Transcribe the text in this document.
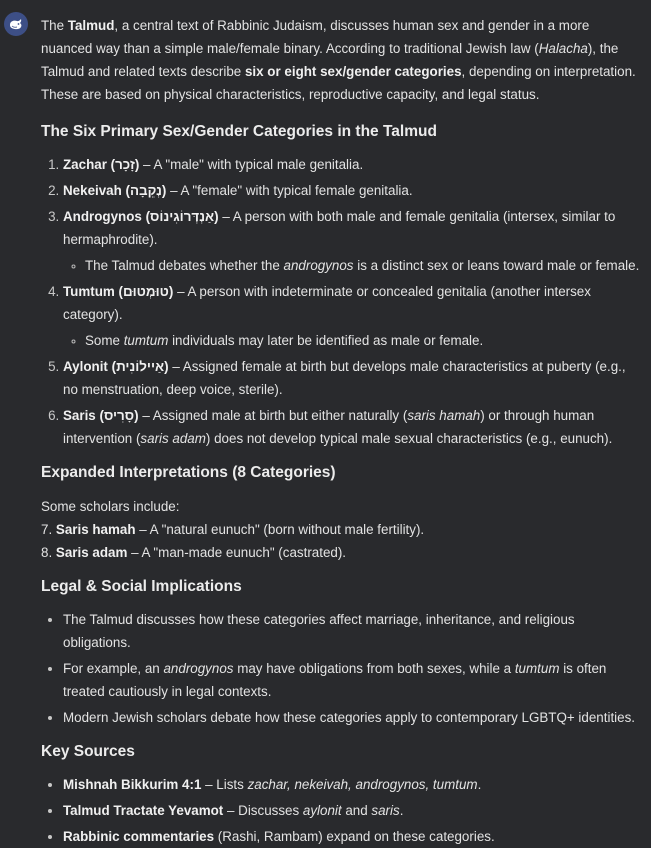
The Talmud, a central text of Rabbinic Judaism, discusses human sex and gender in a more nuanced way than a simple male/female binary. According to traditional Jewish law (Halacha), the Talmud and related texts describe six or eight sex/gender categories, depending on interpretation. These are based on physical characteristics, reproductive capacity, and legal status.

The Six Primary Sex/Gender Categories in the Talmud
1. Zachar (זָכָר) – A "male" with typical male genitalia.
2. Nekeivah (נְקֵבָה) – A "female" with typical female genitalia.
3. Androgynos (אַנְדְּרוֹגִינוֹס) – A person with both male and female genitalia (intersex, similar to hermaphrodite).
◦ The Talmud debates whether the androgynos is a distinct sex or leans toward male or female.
4. Tumtum (טוּמְטוּם) – A person with indeterminate or concealed genitalia (another intersex category).
◦ Some tumtum individuals may later be identified as male or female.
5. Aylonit (אַיילוֹנִית) – Assigned female at birth but develops male characteristics at puberty (e.g., no menstruation, deep voice, sterile).
6. Saris (סָרִיס) – Assigned male at birth but either naturally (saris hamah) or through human intervention (saris adam) does not develop typical male sexual characteristics (e.g., eunuch).
Expanded Interpretations (8 Categories)

Some scholars include:
7. Saris hamah – A "natural eunuch" (born without male fertility).
8. Saris adam – A "man-made eunuch" (castrated).

Legal & Social Implications
• The Talmud discusses how these categories affect marriage, inheritance, and religious obligations.
• For example, an androgynos may have obligations from both sexes, while a tumtum is often treated cautiously in legal contexts.
• Modern Jewish scholars debate how these categories apply to contemporary LGBTQ+ identities.
Key Sources
• Mishnah Bikkurim 4:1 – Lists zachar, nekeivah, androgynos, tumtum.
• Talmud Tractate Yevamot – Discusses aylonit and saris.
• Rabbinic commentaries (Rashi, Rambam) expand on these categories.
